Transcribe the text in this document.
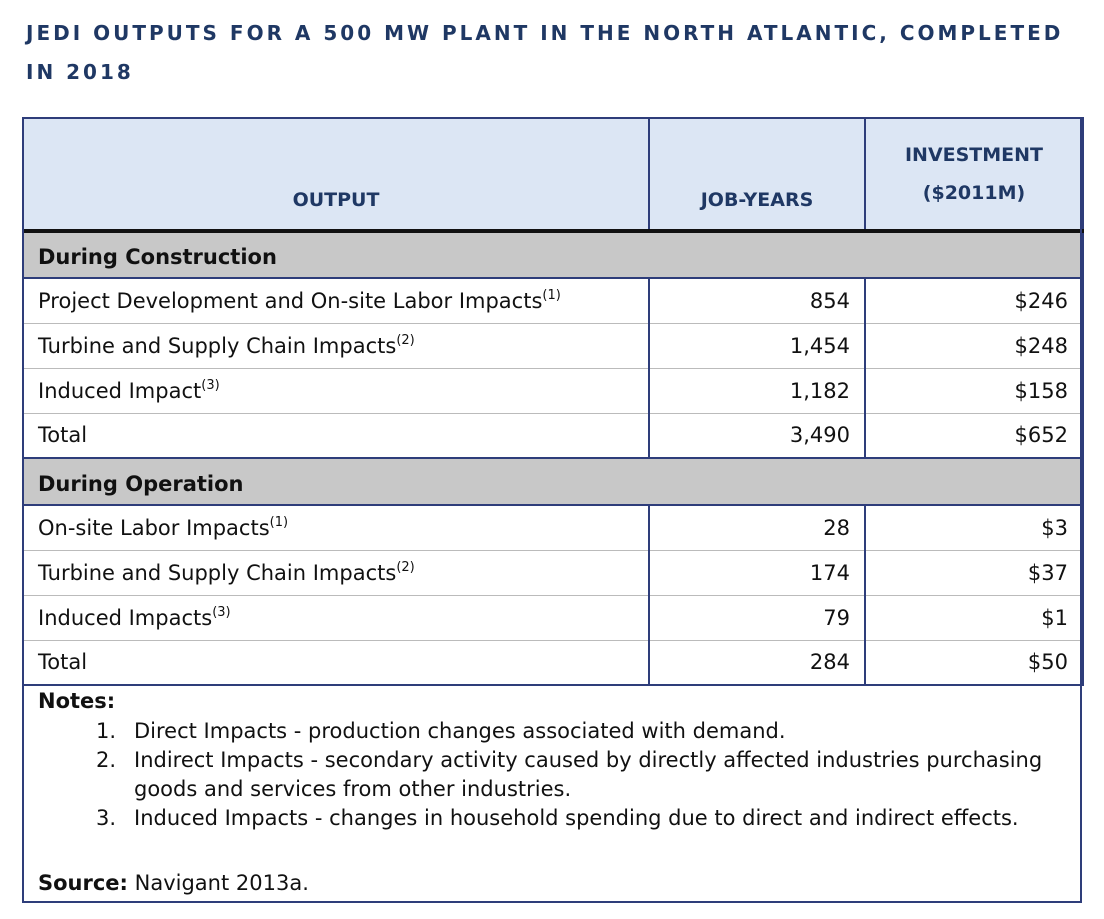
JEDI OUTPUTS FOR A 500 MW PLANT IN THE NORTH ATLANTIC, COMPLETED IN 2018
OUTPUT	JOB-YEARS	INVESTMENT
($2011M)

During Construction		
Project Development and On-site Labor Impacts$^{(1)}$	854	$246
Turbine and Supply Chain Impacts$^{(2)}$	1,454	$248
Induced Impact$^{(3)}$	1,182	$158
Total	3,490	$652
During Operation		
On-site Labor Impacts$^{(1)}$	28	$3
Turbine and Supply Chain Impacts$^{(2)}$	174	$37
Induced Impacts$^{(3)}$	79	$1
Total	284	$50
Notes:
1. Direct Impacts - production changes associated with demand.
2. Indirect Impacts - secondary activity caused by directly affected industries purchasing goods and services from other industries.
3. Induced Impacts - changes in household spending due to direct and indirect effects.
Source: Navigant 2013a.
